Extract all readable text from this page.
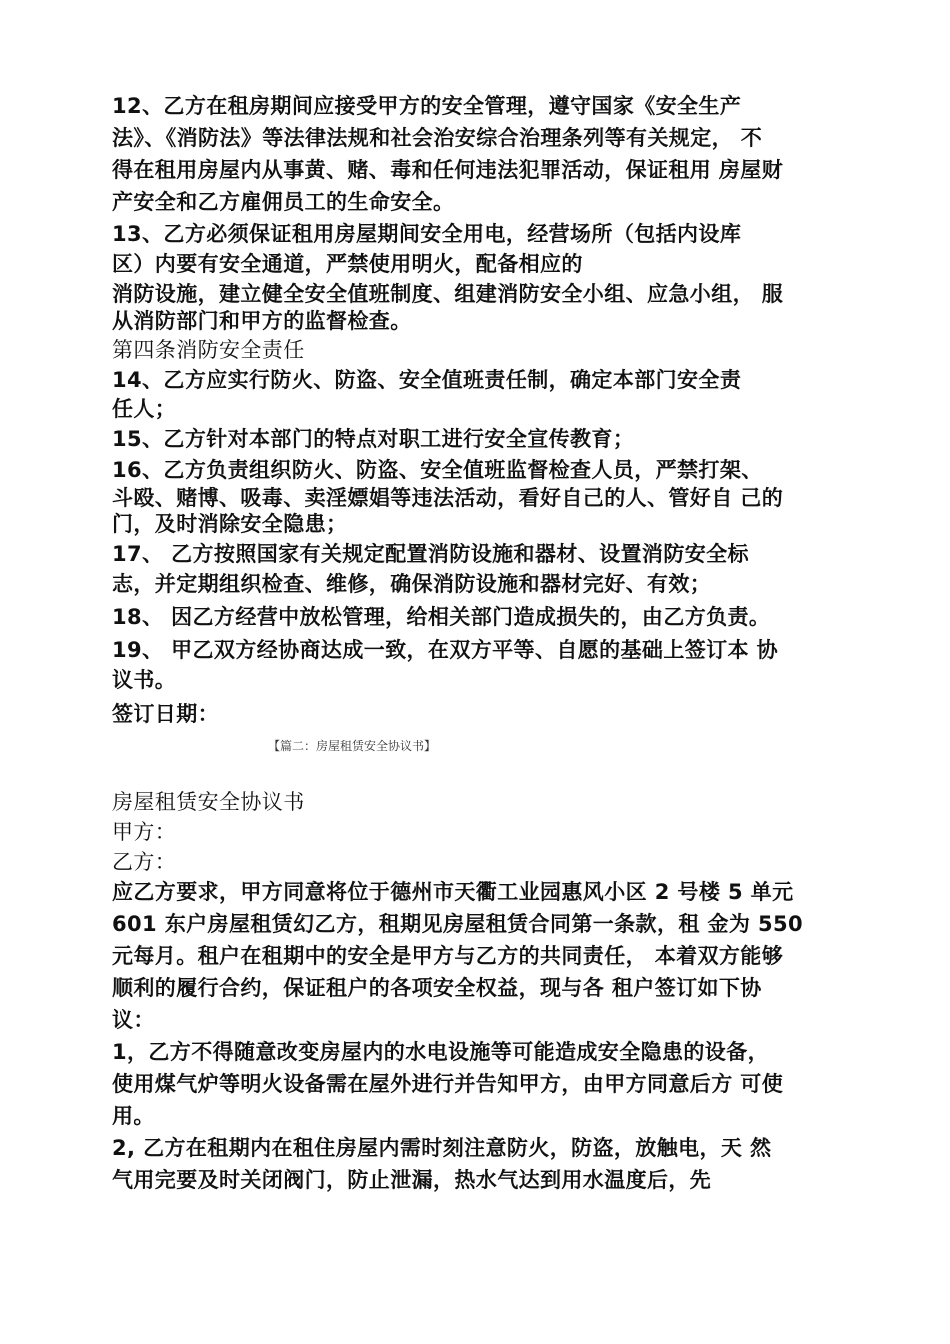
12、乙方在租房期间应接受甲方的安全管理，遵守国家《安全生产
法》、《消防法》等法律法规和社会治安综合治理条列等有关规定， 不
得在租用房屋内从事黄、赌、毒和任何违法犯罪活动，保证租用 房屋财
产安全和乙方雇佣员工的生命安全。
13、乙方必须保证租用房屋期间安全用电，经营场所（包括内设库
区）内要有安全通道，严禁使用明火，配备相应的
消防设施，建立健全安全值班制度、组建消防安全小组、应急小组， 服
从消防部门和甲方的监督检查。
第四条消防安全责任
14、乙方应实行防火、防盗、安全值班责任制，确定本部门安全责
任人；
15、乙方针对本部门的特点对职工进行安全宣传教育；
16、乙方负责组织防火、防盗、安全值班监督检查人员，严禁打架、
斗殴、赌博、吸毒、卖淫嫖娼等违法活动，看好自己的人、管好自 己的
门，及时消除安全隐患；
17、 乙方按照国家有关规定配置消防设施和器材、设置消防安全标
志，并定期组织检查、维修，确保消防设施和器材完好、有效；
18、 因乙方经营中放松管理，给相关部门造成损失的，由乙方负责。
19、 甲乙双方经协商达成一致，在双方平等、自愿的基础上签订本 协
议书。
签订日期：
【篇二：房屋租赁安全协议书】
房屋租赁安全协议书
甲方：
乙方：
应乙方要求，甲方同意将位于德州市天衢工业园惠风小区 2 号楼 5 单元
601 东户房屋租赁幻乙方，租期见房屋租赁合同第一条款，租 金为 550
元每月。租户在租期中的安全是甲方与乙方的共同责任， 本着双方能够
顺利的履行合约，保证租户的各项安全权益，现与各 租户签订如下协
议：
1，乙方不得随意改变房屋内的水电设施等可能造成安全隐患的设备，
使用煤气炉等明火设备需在屋外进行并告知甲方，由甲方同意后方 可使
用。
2, 乙方在租期内在租住房屋内需时刻注意防火，防盗，放触电，天 然
气用完要及时关闭阀门，防止泄漏，热水气达到用水温度后，先
